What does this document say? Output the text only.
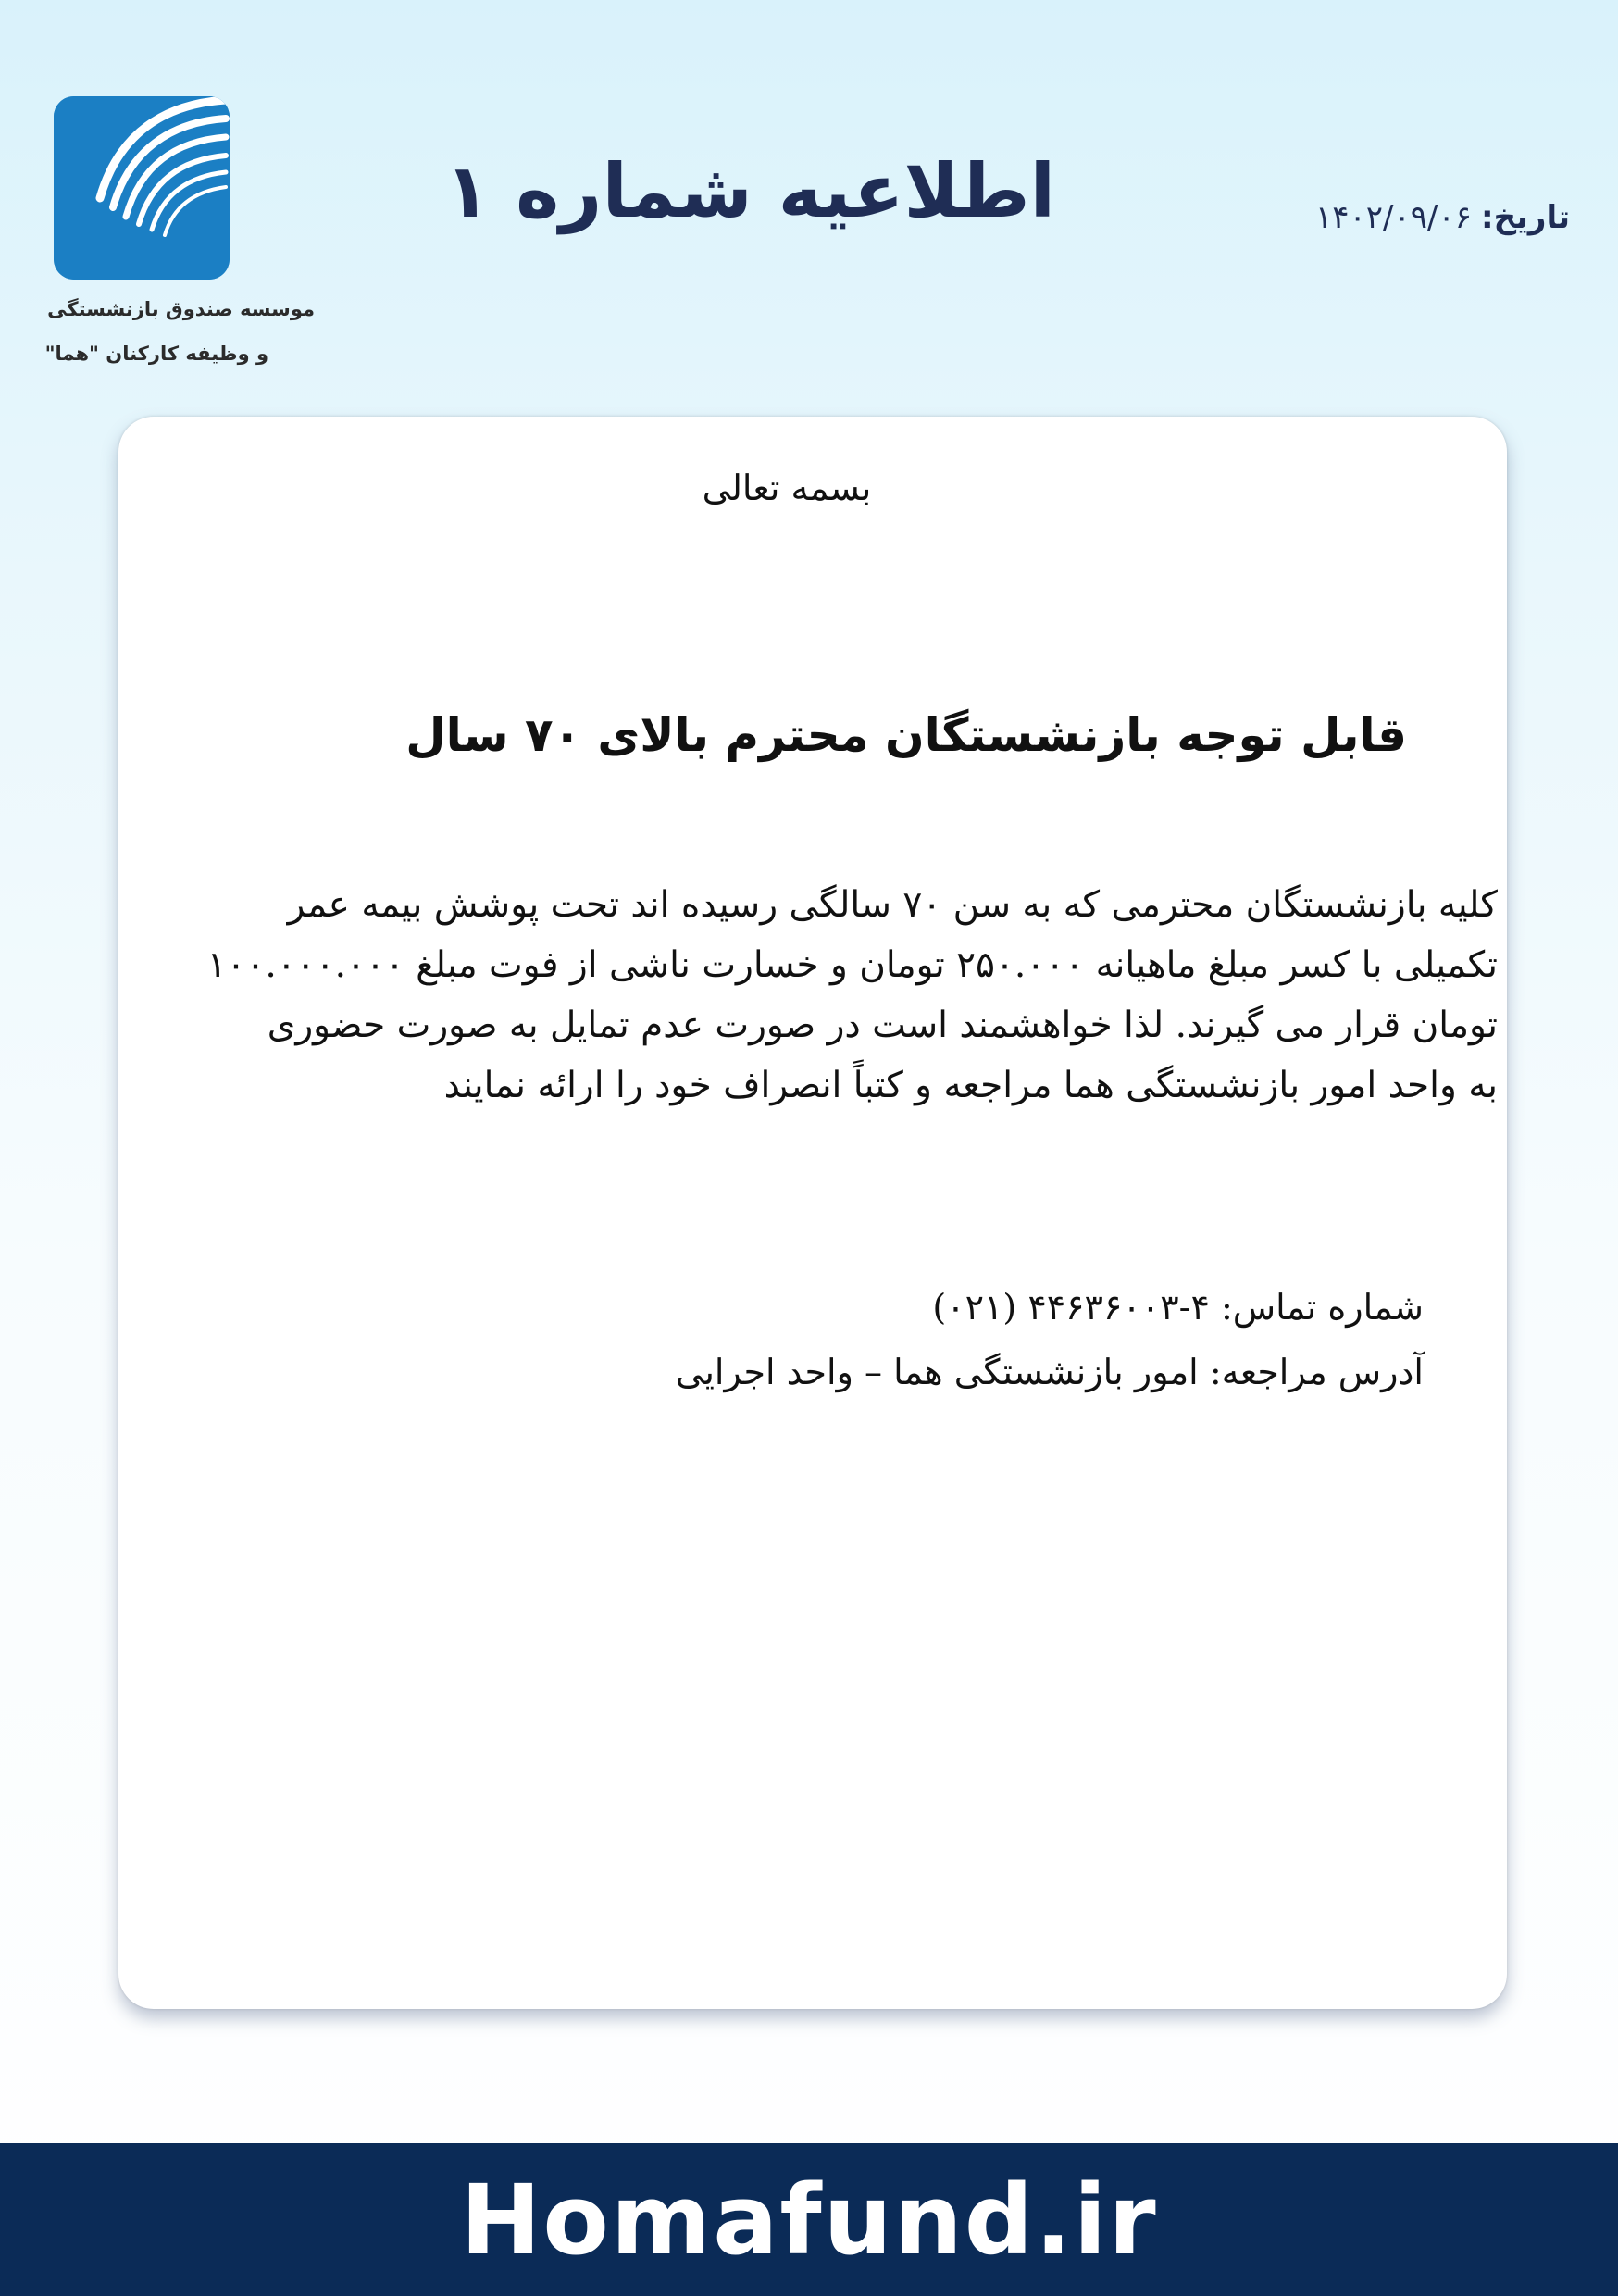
موسسه صندوق بازنشستگی
و وظیفه کارکنان "هما"
اطلاعیه شماره ۱	تاریخ:۱۴۰۲/۰۹/۰۶
بسمه تعالی
قابل توجه بازنشستگان محترم بالای ۷۰ سال
کلیه بازنشستگان محترمی که به سن ۷۰ سالگی رسیده اند تحت پوشش بیمه عمر
تکمیلی با کسر مبلغ ماهیانه ۲۵۰.۰۰۰ تومان و خسارت ناشی از فوت مبلغ ۱۰۰.۰۰۰.۰۰۰
تومان قرار می گیرند. لذا خواهشمند است در صورت عدم تمایل به صورت حضوری
به واحد امور بازنشستگی هما مراجعه و کتباً انصراف خود را ارائه نمایند
شماره تماس: ۴-۴۴۶۳۶۰۰۳ (۰۲۱)
آدرس مراجعه: امور بازنشستگی هما – واحد اجرایی
Homafund.ir
